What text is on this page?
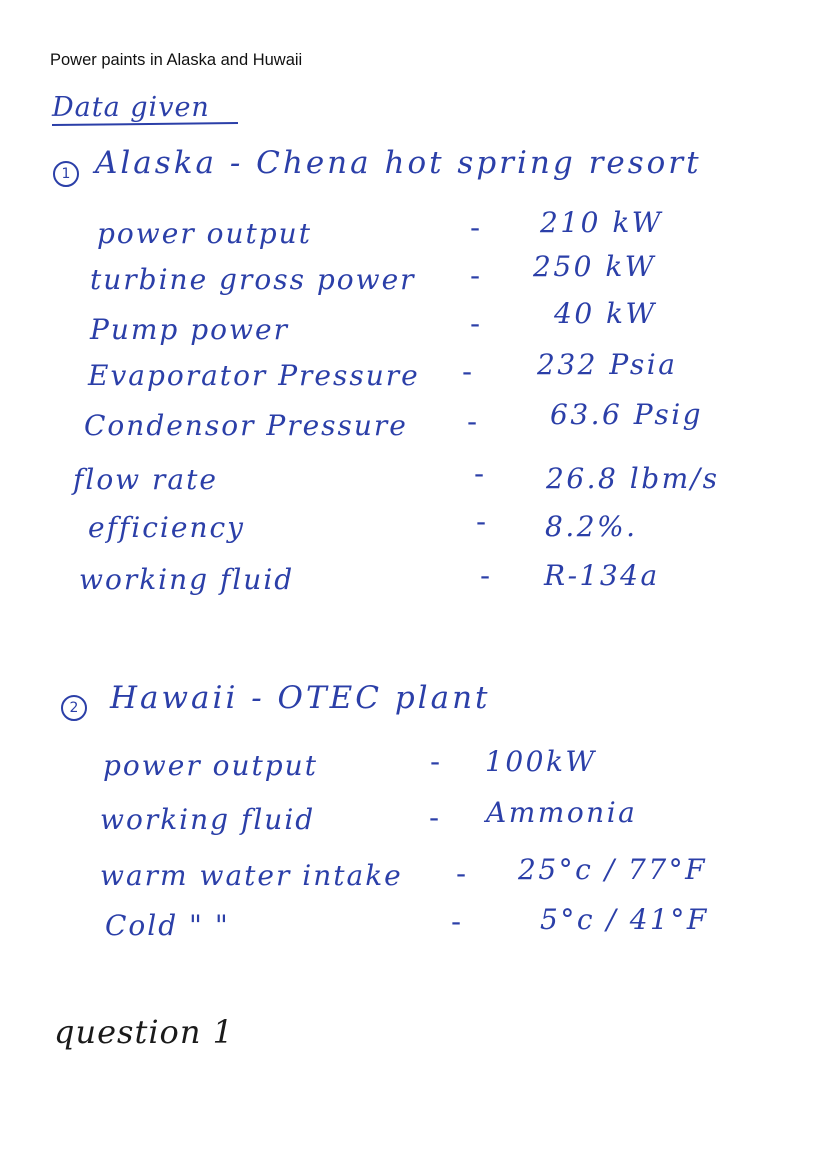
Power paints in Alaska and Huwaii
Data given
1 Alaska - Chena hot spring resort
power output	- 210 kW
turbine gross power - 250 kW
Pump power	-	40 kW
Evaporator Pressure - 232 Psia
Condensor Pressure -	63.6 Psig
flow rate	- 26.8 lbm/s
efficiency	- 8.2%.
working fluid	- R-134a
2 Hawaii - OTEC plant
power output	- 100kW
working fluid	- Ammonia
warm water intake - 25°c / 77°F
Cold " "	-	5°c / 41°F
question 1
